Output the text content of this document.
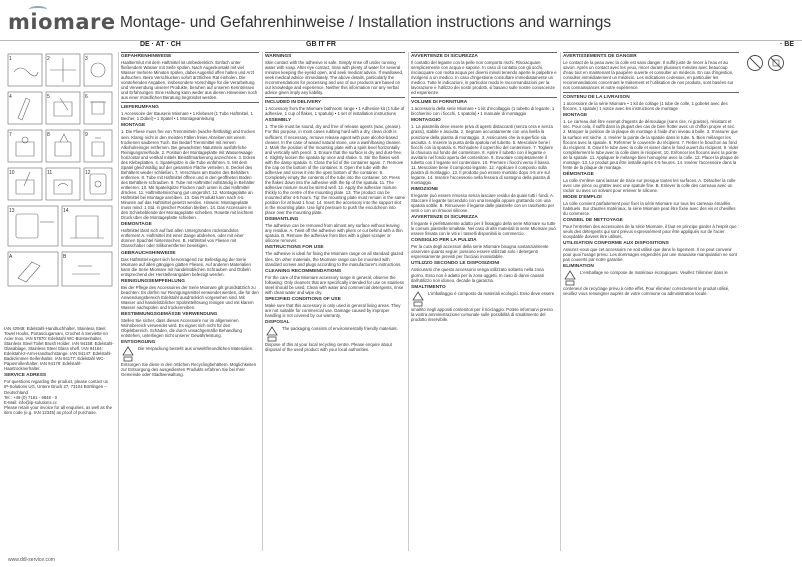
miomare Montage- und Gefahrenhinweise / Installation instructions and warnings
DE · AT · CH	GB IT FR	· BE
1	2	3
4	5	6
7	8	9
10	11	12
13	14
A	B

IAN 42949: Edelstahl-Handtuchhalter, Stainless Steel Towel Hooks, Portasciugamani, Crochet à Serviette en Acier Inox. IAN 57870: Edelstahl WC-Bürstenhalter, Stainless Steel Toilet Brush Holder. IAN 94158: Edelstahl-Glasablage, Stainless Steel Glass shelf. IAN 94164: Edelstahl-2-Arm-Handtuchstange. IAN 94147: Edelstahl-Badezimmer-Seifenhalter. IAN 94177: Edelstahl WC-Papierrollenhalter. IAN 94179: Edelstahl-Haartrocknerhalter.

SERVICE ADRESS

For questions regarding the product, please contact us

IP-Solutions UG, Untere Bruck 27, 73104 Börtlingen – Deutschland

Tel.: +49 (0) 7161 - 9848 - 0

E-Mail: info@ip-solutions.cc

Please retain your invoice for all enquiries, as well as the item code (e.g. IAN 12345) as proof of purchase.

www.ddl-service.com
GEFAHRENHINWEISE

Haaltiermlut mit dem Haftmittel ist umbedenklich. Einfach unter fließendem Wasser mit Seife spülen. Nach Augenkontakt mit viel Wasser mehrere Minuten spülen, dabei Augenlid offen halten und Arzt aufsuchen. Beim Verschlucken sofort ärztlichen Rat einholen. Die vorstehenden Angaben, insbesondere Vorschläge für die Verarbeitung und Verwendung unserer Produkte, beruhen auf unseren Kenntnissen und Erfahrungen. Eine Haftung kann weder aus diesen Hinweisen noch aus einer mündlichen Beratung begründet werden.

LIEFERUMFANG

1 Accessoire der Bauserie Miomare • 1 Klebeset (1 Tube Haftmittel, 1 Becher, 1 Dübel) • 1 Spatel • 1 Montageanleitung

MONTAGE

1. Die Fliese muss frei von Trennmitteln (wachs-/fetthaltig) und trocken sein. Klarsg nicht in den meisten Fällen freies Abreiben mit einem trockenen sauberen Tuch. Bei Bedarf Trennmittel mit reinem Alkoholreiniger entfernen. Bei gewachsten Naturstein ausführliche Reinigungsmethode. 2. Position der Montageplatte mit Wasserwaage horizontal und vertikal mittels Bleistiftmarkierung anzeichnen. 3. Ecken des Klebeplatten. 4. Spatelspitze in die Tube einführen. 5. Mit dem Spatel gleichmäßig auf der gesamten Fläche verteilen. 6. Deckel des Behälters wieder schließen. 7. Verschluss am Boden des Behälters entfernen. 8. Tube mit Haftmittel öffnen und in den geöffneten Boden des Behälters schrauben. 9. Tube mit Haftmittel vollständig in Behälter entleeren. 10. Mit Spatelspitze Flocken nach unten in das Haftmittel drücken. 11. Haftmittelmischung gut umgerührt. 12. Montageplatte an Haftmittel bei Montage anreiben. 13. Das Produkt kann nach 4-5 Minuten auf das Haftmittel gesetzt werden. Hinweis: Montageplatte muss mind. 1 Std. in gleicher Position bleiben. 14. Das Accessoire in den Schiebeblende der Montageplatte schieben. Rosette mit leichtem Druck über die Montageplatte schieben.

DEMONTAGE

Haftmittel lässt sich auf fast allen Untergründen rückstandslos entfernen! A. Haftmittel mit einer Zange abdrehen, oder mit einer dünnen Spachtel hinterstechen. B. Haftmittel von Fliesen mit Glasschaber oder Silikonentferner beseitigen.

GEBRAUCHSHINWEISE

Das Haftmittel eignet sich hervorragend zur Befestigung der Serie Miomare auf allen gängigen glatten Fliesen. Auf anderen Materialien kann die Serie Miomare mit handelsüblichen Schrauben und Dübeln entsprechend der Herstellerangaben befestigt werden.

REINIGUNGSEMPFEHLUNG

Bei der Pflege des Accessoires der Serie Miomare gilt grundsätzlich zu beachten: Es dürfen nur Reinigungsmittel verwendet werden, die für den Anwendungsbereich Edelstahl ausdrücklich vorgesehen sind. Mit Wasser und handelsüblicher Spülmittellösung reinigen und mit klarem Wasser nachspülen und trockenreiben.

BESTIMMUNGSGEMÄSSE VERWENDUNG

Stellen Sie sicher, dass dieses Accessoire nur im allgemeinen Wohnbereich verwendet wird. Es eignet sich nicht für den Objektbereich. Schäden, die durch unsachgemäße Behandlung entstehen, unterliegen nicht unserer Gewährleistung.

ENTSORGUNG

Die Verpackung besteht aus umweltfreundlichen Materialien. Entsorgen Sie diese in den örtlichen Recyclingbehältern. Möglichkeiten zur Entsorgung des ausgedienten Produkts erfahren Sie bei Ihrer Gemeinde oder Stadtverwaltung.

WARNINGS

Skin contact with the adhesive is safe. Simply rinse off under running water with soap. After eye contact, rinse with plenty of water for several minutes keeping the eyelid open, and seek medical advice. If swallowed, seek medical advice immediately. The above details, particularly the recommendations for processing and use of our products are based on our knowledge and experience. Neither this information nor any verbal advice given imply any liability.

INCLUDED IN DELIVERY

1 Accessory from the Miomare bathroom range • 1 Adhesive kit (1 tube of adhesive, 1 cup of flakes, 1 spatula) • 1 set of installation instructions

ASSEMBLY

1. The tile must be sound, dry and free of release agents (wax, grease). For this purpose, in most cases rubbing hard with a dry, clean cloth is sufficient. If necessary, remove release agent with pure alcohol-based cleaner. In the case of waxed natural stone, use a wash/basing cleaner. 2. Mark the position of the mounting plate with a spirit level horizontally and vertically with pencil. 3. Ensure that the surface is dry and dust-free. 4. Slightly loosen the spatula tip once and shake. 5. Stir the flakes well with the damp spatula. 6. Close the lid of the container again. 7. Remove the cap on the bottom of the container. 8. Open the tube with the adhesive and screw it into the open bottom of the container. 9. Completely empty the contents of the tube into the container. 10. Press the flakes down into the adhesive with the tip of the spatula. 11. The adhesive mixture must be stirred well. 12. Apply the adhesive mixture thickly to the centre of the mounting plate. 13. The product can be mounted after 4-5 hours. Tip: the mounting plate must remain in the same position for at least 1 hour. 14. Insert the accessory into the support slot in the mounting plate. Use light pressure to push the escutcheon into place over the mounting plate.

DISMANTLING

The adhesive can be removed from almost any surface without leaving any residue. A. Twist off the adhesive with pliers or cut behind with a thin spatula. B. Remove the adhesive from tiles with a glass scraper or silicone remover.

INSTRUCTIONS FOR USE

The adhesive is ideal for fixing the Miomare range on all standard glazed tiles. On other materials, the Miomare range can be mounted with standard screws and plugs according to the manufacturer's instructions.

CLEANING RECOMMENDATIONS

For the care of the Miomare accessory range in general, observe the following: Only cleaners that are specifically intended for use on stainless steel should be used. Clean with water and commercial detergents, rinse with clean water and wipe dry.

SPECIFIED CONDITIONS OF USE

Make sure that this accessory is only used in general living areas. They are not suitable for commercial use. Damage caused by improper handling is not covered by our warranty.

DISPOSAL

The packaging consists of environmentally friendly materials. Dispose of this at your local recycling centre. Please enquire about disposal of the used product with your local authorities.

AVVERTENZE DI SICUREZZA

Il contatto del legante con la pelle non comporta rischi. Risciacquare semplicemente con acqua e sapone. In caso di contatto con gli occhi, risciacquare con molta acqua per diversi minuti tenendo aperte le palpebre e rivolgersi a un medico. In caso d'ingestione consultare immediatamente un medico. Tutte le indicazioni, in particolar modo le raccomandazioni per la lavorazione e l'utilizzo dei nostri prodotti, si basano sulle nostre conoscenze ed esperienze.

VOLUME DI FORNITURA

1 accessorio della serie Miomare • 1 kit d'incollaggio (1 tubetto di legante, 1 bicchierino con i fiocchi, 1 spatola) • 1 manuale di montaggio

MONTAGGIO

1. La piastrella deve essere priva di agenti distaccanti (senza cera e senza grassi), stabile e asciutta. 2. Segnare accuratamente con una livella la posizione della piastra di montaggio. 3. Assicurarsi che la superficie sia asciutta. 4. Inserire la punta della spatola nel tubetto. 5. Mescolare bene i fiocchi con la spatola. 6. Richiudere il coperchio del contenitore. 7. Togliere la chiusura sul fondo del contenitore. 8. Aprire il tubetto con il legante e avvitarlo nel fondo aperto del contenitore. 9. Svuotare completamente il tubetto con il legante nel contenitore. 10. Premere i fiocchi verso il basso. 11. Mescolare bene il composto legante. 12. Applicare il composto sulla piastra di montaggio. 13. Il prodotto può essere montato dopo 4-5 ore sul legante. 14. Inserire l'accessorio nella fessura di sostegno della piastra di montaggio.

RIMOZIONE

Il legante può essere rimosso senza lasciare residui da quasi tutti i fondi. A. Staccare il legante torcendolo con una tenaglia oppure grattando con una spatola sottile. B. Rimuovere il legante dalle piastrelle con un raschietto per vetri o con un rimuovi silicone.

AVVERTENZE DI SICUREZZA

Il legante è perfettamente adatto per il fissaggio della serie Miomare su tutte le comuni piastrelle smaltate. Nel caso di altri materiali la serie Miomare può essere fissata con le viti e i tasselli disponibili in commercio.

CONSIGLIO PER LA PULIZIA

Per la cura degli accessori della serie Miomare bisogna sostanzialmente osservare quanto segue: possono essere utilizzati solo i detergenti espressamente previsti per l'acciaio inossidabile.

UTILIZZO SECONDO LE DISPOSIZIONI

Assicurarsi che questo accessorio venga utilizzato soltanto nella zona giorno. Esso non è adatto per la zona oggetti. In caso di danni causati dall'utilizzo non idoneo, decade la garanzia.

SMALTIMENTO

L'imballaggio è composto da materiali ecologici. Esso deve essere smaltito negli appositi contenitori per il riciclaggio. Potete informarvi presso la vostra amministrazione comunale sulle possibilità di smaltimento del prodotto inservibile.

AVERTISSEMENTS DE DANGER

Le contact de la peau avec la colle est sans danger. Il suffit juste de rincer à l'eau et au savon. Après un contact avec les yeux, rincer durant plusieurs minutes avec beaucoup d'eau tout en maintenant la paupière ouverte et consulter un médecin. En cas d'ingestion, consulter immédiatement un médecin. Les indications ci-dessus, en particulier les recommandations concernant le traitement et l'utilisation de nos produits, sont basées sur nos connaissances et notre expérience.

CONTENU DE LA LIVRAISON

1 accessoire de la série Miomare • 1 kit de collage (1 tube de colle, 1 gobelet avec des flocons, 1 spatule) 1 notice avec les instructions de montage

MONTAGE

1. Le carreau doit être exempt d'agents de démoulage (sans cire, ni graisse), résistant et sec. Pour cela, il suffit dans la plupart des cas de bien frotter avec un chiffon propre et sec. 2. Marquer la position de la plaque de montage à l'aide d'un niveau à bulle. 3. S'assurer que la surface est sèche. 4. Insérer la pointe de la spatule dans le tube. 5. Bien mélanger les flocons avec la spatule. 6. Refermer le couvercle du récipient. 7. Retirer le bouchon au fond du récipient. 8. Ouvrir le tube avec la colle et visser dans le fond ouvert du récipient. 9. Vider complètement le tube avec la colle dans le récipient. 10. Enfoncer les flocons avec la pointe de la spatule. 11. Appliquer le mélange bien homogène avec la colle. 12. Placer la plaque de montage. 13. Le produit peut être installé après 4-5 heures. 14. Insérer l'accessoire dans la fente de la plaque de montage.

DÉMONTAGE

La colle s'enlève sans laisser de trace sur presque toutes les surfaces. A. Détacher la colle avec une pince ou gratter avec une spatule fine. B. Enlever la colle des carreaux avec un racloir ou avec un solvant pour enlever le silicone.

MODE D'EMPLOI

La colle convient parfaitement pour fixer la série Miomare sur tous les carreaux émaillés habituels. Sur d'autres matériaux, la série Miomare peut être fixée avec des vis et chevilles du commerce.

CONSEIL DE NETTOYAGE

Pour l'entretien des accessoires de la série Miomare, il faut en principe garder à l'esprit que : seuls des détergents qui sont prévus expressément pour être appliqués sur de l'acier inoxydable doivent être utilisés.

UTILISATION CONFORME AUX DISPOSITIONS

Assurez-vous que cet accessoire ne soit utilisé que dans le logement. Il ne peut convenir pour quoi l'usage prévu. Les dommages engendrés par une mauvaise manipulation ne sont pas couverts par notre garantie.

ELIMINATION

L'emballage se compose de matériaux écologiques. Veuillez l'éliminer dans le conteneur de recyclage prévu à cette effet. Pour éliminer correctement le produit utilisé, veuillez vous renseigner auprès de votre commune ou administration locale.
